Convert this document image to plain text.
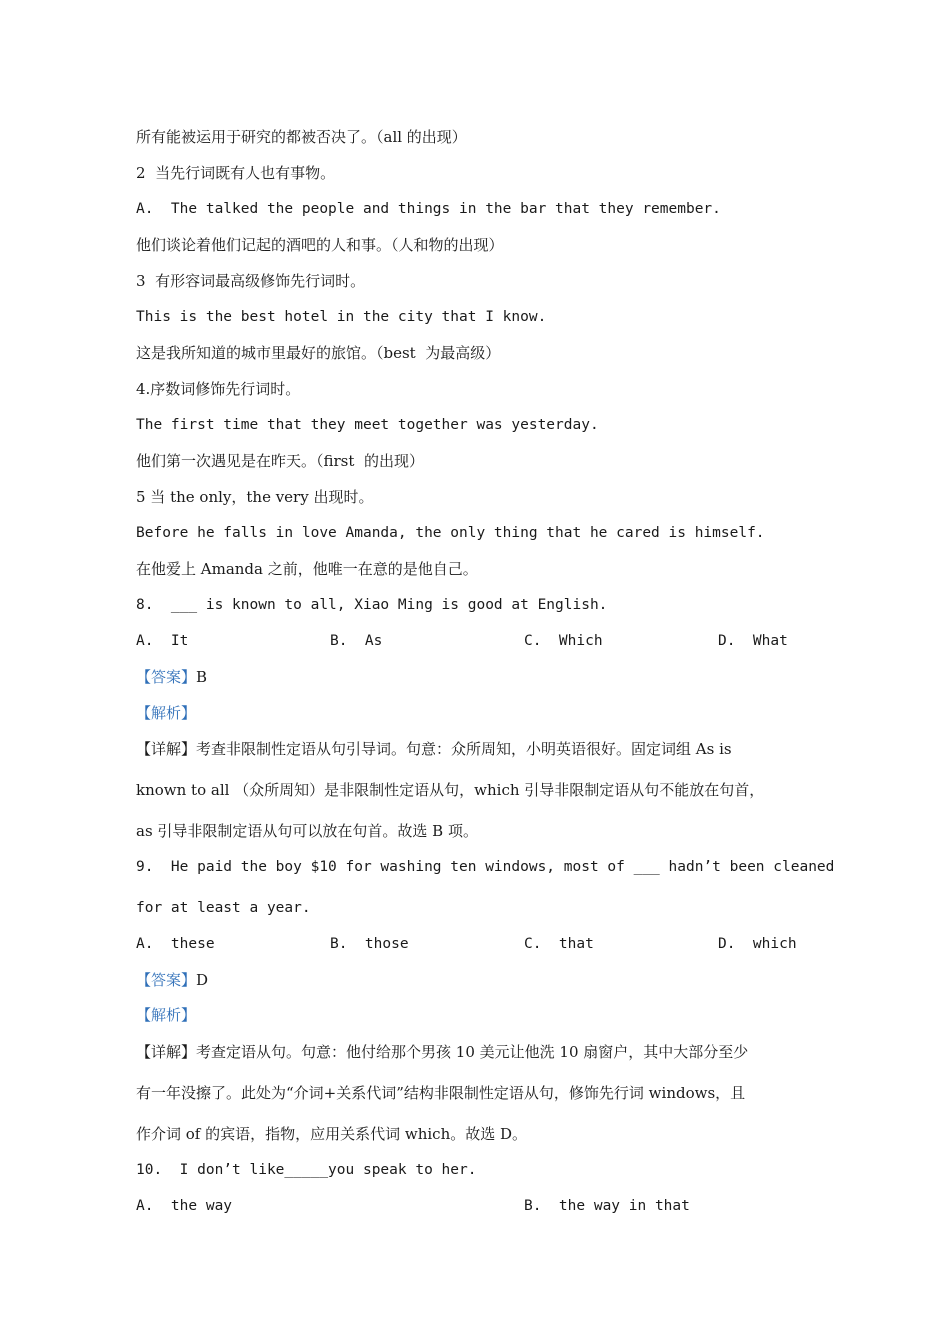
所有能被运用于研究的都被否决了。（all 的出现）
2  当先行词既有人也有事物。
A.  The talked the people and things in the bar that they remember.
他们谈论着他们记起的酒吧的人和事。（人和物的出现）
3  有形容词最高级修饰先行词时。
This is the best hotel in the city that I know.
这是我所知道的城市里最好的旅馆。（best  为最高级）
4.序数词修饰先行词时。
The first time that they meet together was yesterday.
他们第一次遇见是在昨天。（first  的出现）
5 当 the only，the very 出现时。
Before he falls in love Amanda, the only thing that he cared is himself.
在他爱上 Amanda 之前，他唯一在意的是他自己。
8.  ___ is known to all, Xiao Ming is good at English.
A.  It	B.  As	C.  Which	D.  What
【答案】B
【解析】
【详解】考查非限制性定语从句引导词。句意：众所周知，小明英语很好。固定词组 As is
known to all （众所周知）是非限制性定语从句，which 引导非限制定语从句不能放在句首，
as 引导非限制定语从句可以放在句首。故选 B 项。
9.  He paid the boy $10 for washing ten windows, most of ___ hadn’t been cleaned
for at least a year.
A.  these	B.  those	C.  that	D.  which
【答案】D
【解析】
【详解】考查定语从句。句意：他付给那个男孩 10 美元让他洗 10 扇窗户，其中大部分至少
有一年没擦了。此处为“介词+关系代词”结构非限制性定语从句，修饰先行词 windows，且
作介词 of 的宾语，指物，应用关系代词 which。故选 D。
10.  I don’t like_____you speak to her.
A.  the way	B.  the way in that
